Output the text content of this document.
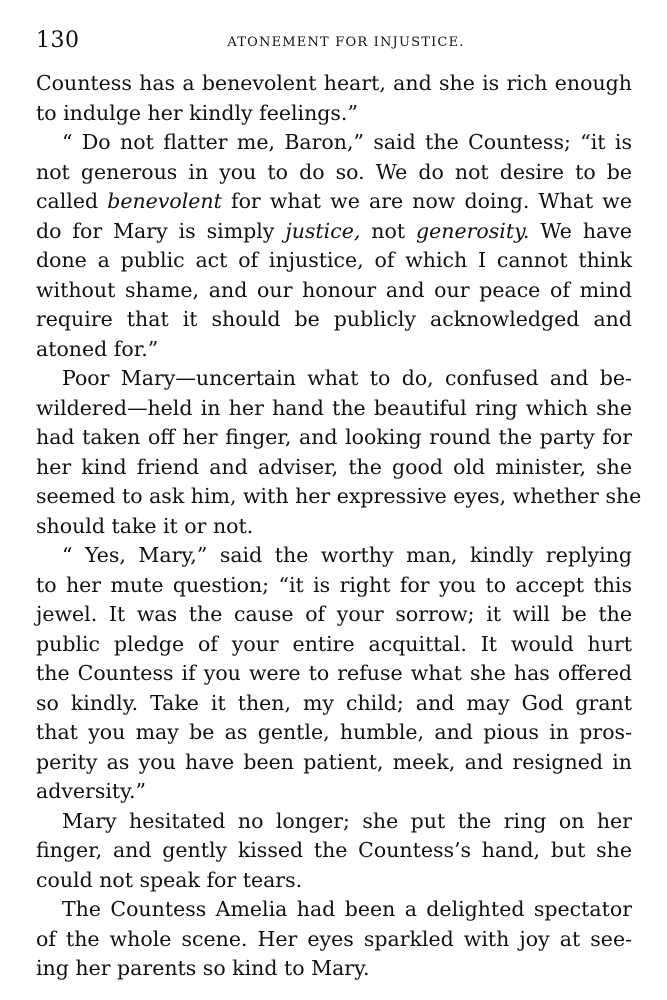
130	ATONEMENT FOR INJUSTICE.
Countess has a benevolent heart, and she is rich enough
to indulge her kindly feelings.”
“ Do not flatter me, Baron,” said the Countess; “it is
not generous in you to do so. We do not desire to be
called benevolent for what we are now doing. What we
do for Mary is simply justice, not generosity. We have
done a public act of injustice, of which I cannot think
without shame, and our honour and our peace of mind
require that it should be publicly acknowledged and
atoned for.”
Poor Mary—uncertain what to do, confused and be-
wildered—held in her hand the beautiful ring which she
had taken off her finger, and looking round the party for
her kind friend and adviser, the good old minister, she
seemed to ask him, with her expressive eyes, whether she
should take it or not.
“ Yes, Mary,” said the worthy man, kindly replying
to her mute question; “it is right for you to accept this
jewel. It was the cause of your sorrow; it will be the
public pledge of your entire acquittal. It would hurt
the Countess if you were to refuse what she has offered
so kindly. Take it then, my child; and may God grant
that you may be as gentle, humble, and pious in pros-
perity as you have been patient, meek, and resigned in
adversity.”
Mary hesitated no longer; she put the ring on her
finger, and gently kissed the Countess’s hand, but she
could not speak for tears.
The Countess Amelia had been a delighted spectator
of the whole scene. Her eyes sparkled with joy at see-
ing her parents so kind to Mary.
